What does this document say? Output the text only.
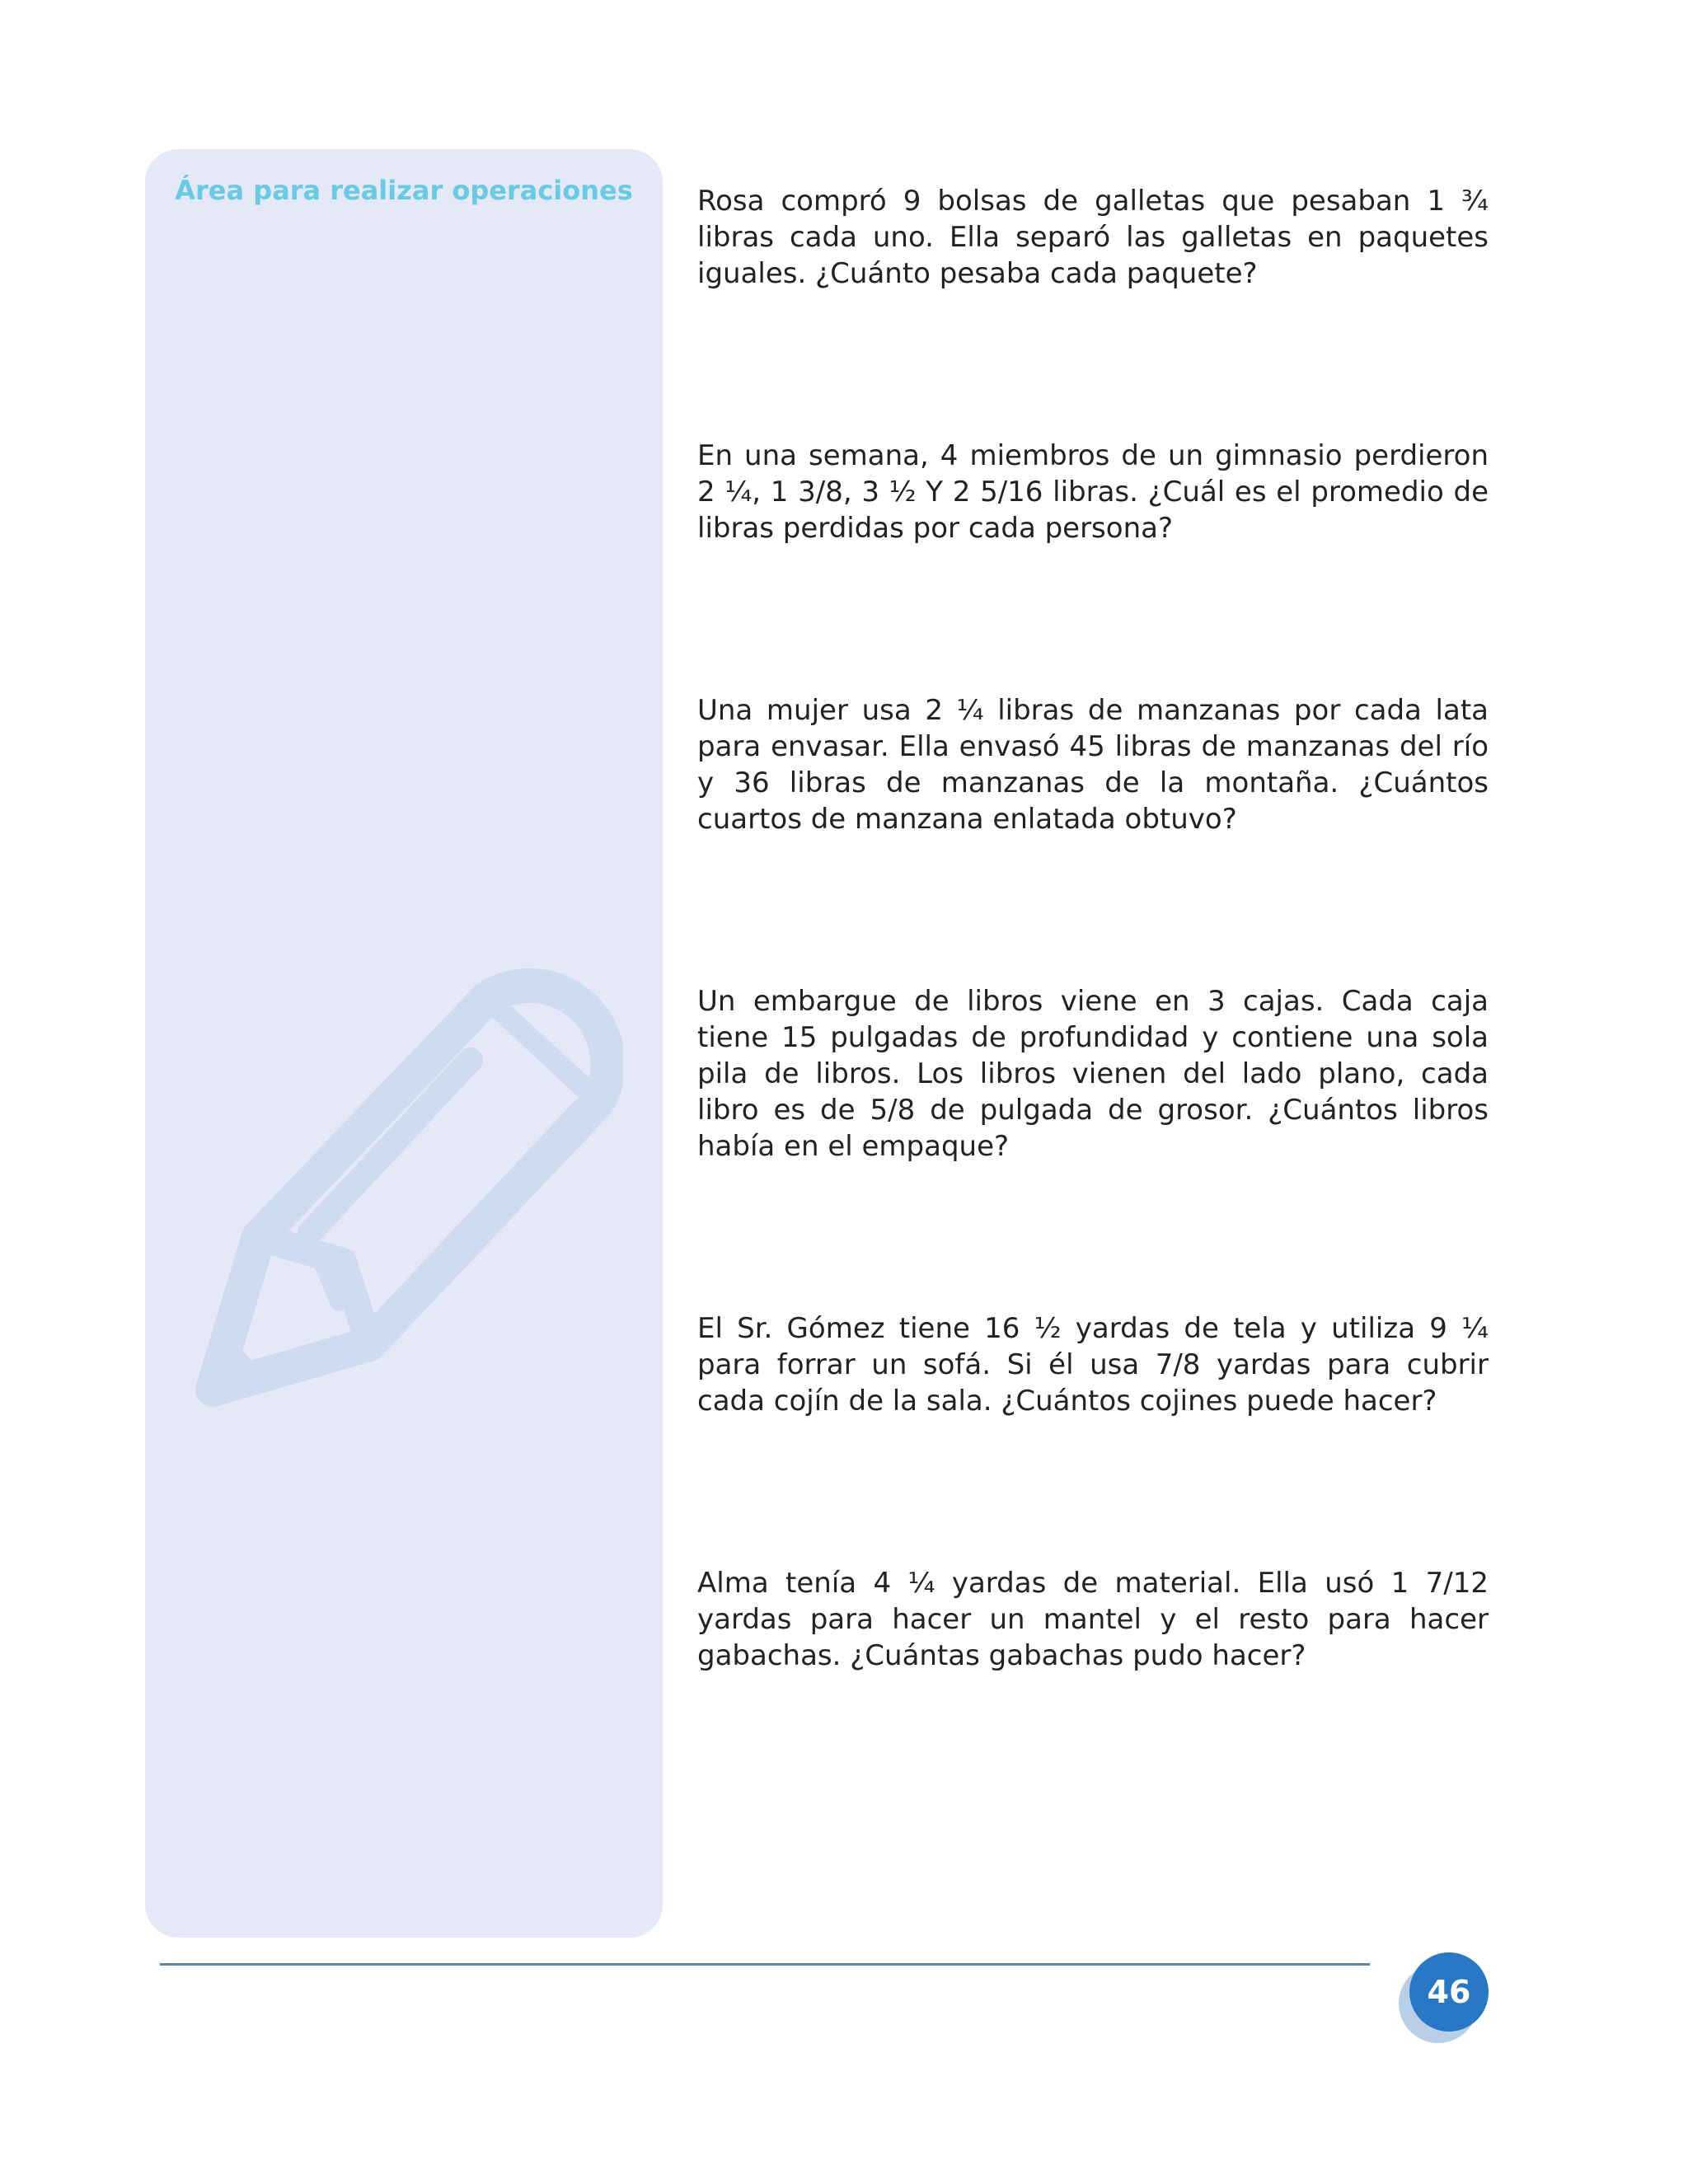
Área para realizar operaciones	Rosa compró 9 bolsas de galletas que pesaban 1 ¾ libras cada uno. Ella separó las galletas en paquetes iguales. ¿Cuánto pesaba cada paquete?

En una semana, 4 miembros de un gimnasio perdieron 2 ¼, 1 3/8, 3 ½ Y 2 5/16 libras. ¿Cuál es el promedio de libras perdidas por cada persona?

Una mujer usa 2 ¼ libras de manzanas por cada lata para envasar. Ella envasó 45 libras de manzanas del río y 36 libras de manzanas de la montaña. ¿Cuántos cuartos de manzana enlatada obtuvo?

Un embargue de libros viene en 3 cajas. Cada caja tiene 15 pulgadas de profundidad y contiene una sola pila de libros. Los libros vienen del lado plano, cada libro es de 5/8 de pulgada de grosor. ¿Cuántos libros había en el empaque?

El Sr. Gómez tiene 16 ½ yardas de tela y utiliza 9 ¼ para forrar un sofá. Si él usa 7/8 yardas para cubrir cada cojín de la sala. ¿Cuántos cojines puede hacer?

Alma tenía 4 ¼ yardas de material. Ella usó 1 7/12 yardas para hacer un mantel y el resto para hacer gabachas. ¿Cuántas gabachas pudo hacer?

46
